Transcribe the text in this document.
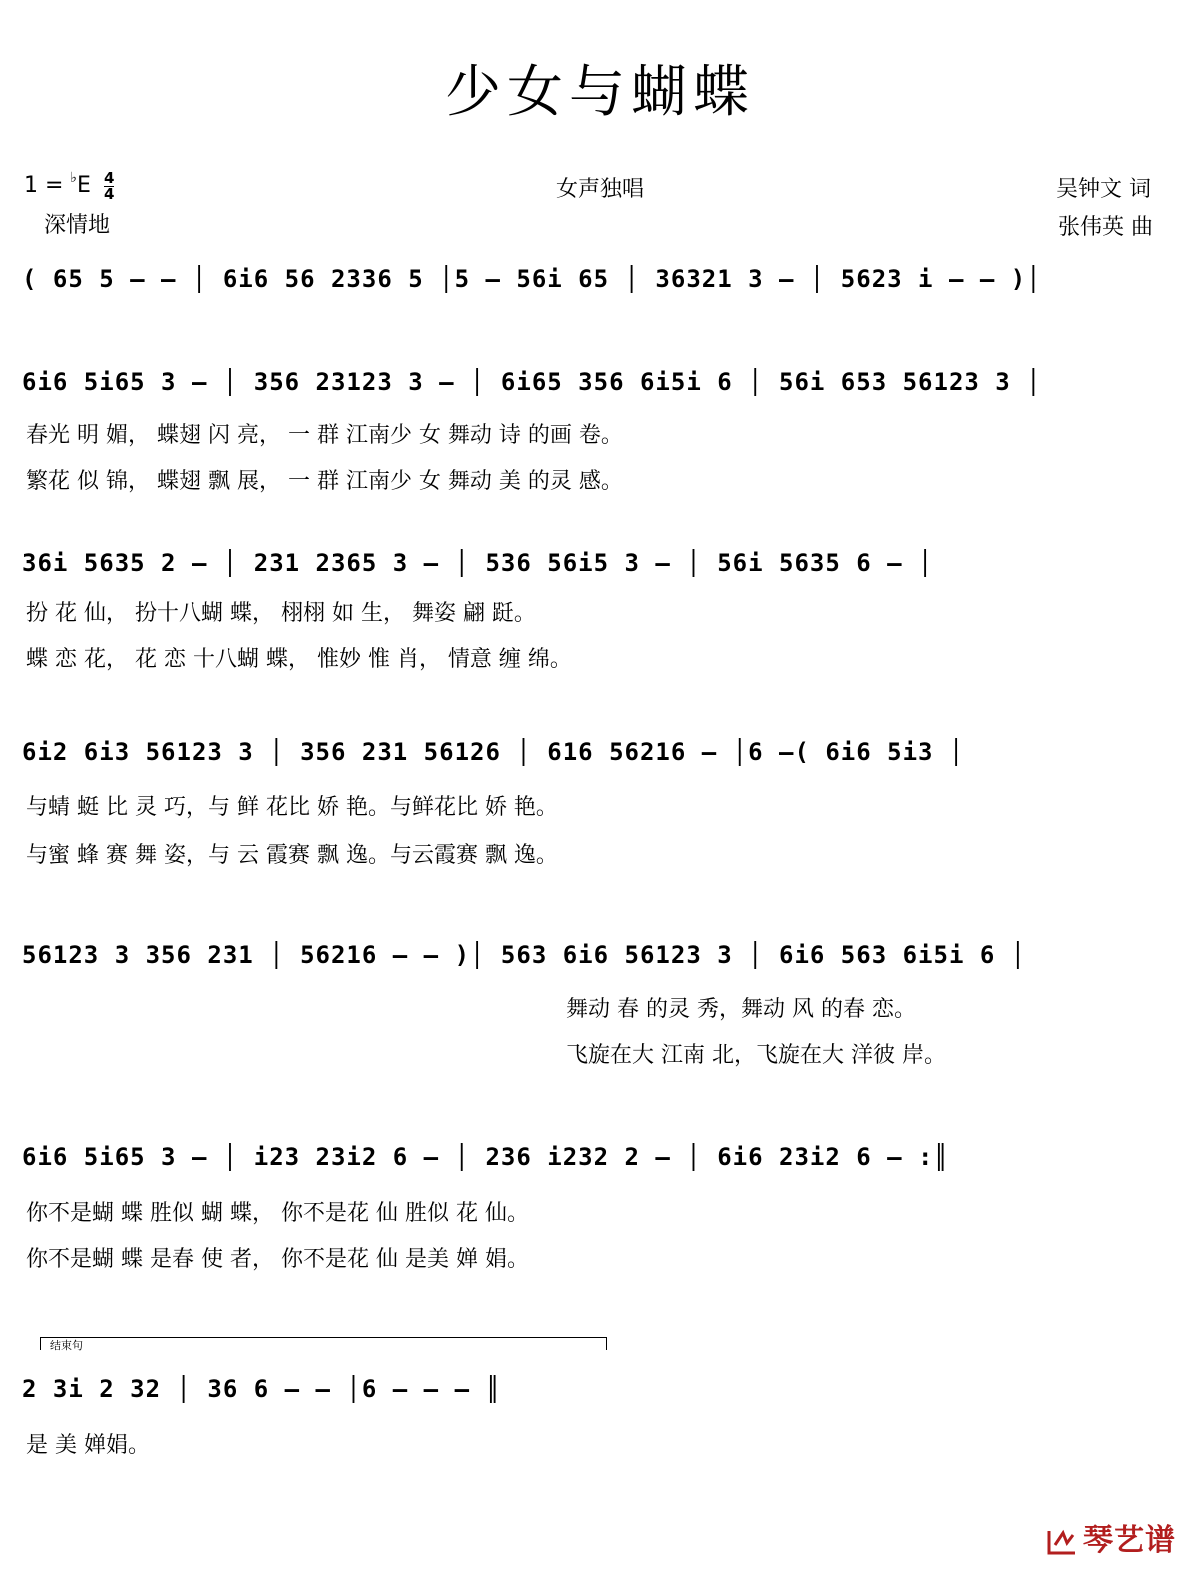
少女与蝴蝶
$1 = ^♭E \frac{4}{4}$
深情地
女声独唱	吴钟文 词
张伟英 曲
( 65 5 — — │ 6i6 56 2336 5 │5 — 56i 65 │ 36321 3 — │ 5623 i — — )│
6i6 5i65 3 — │ 356 23123 3 — │ 6i65 356 6i5i 6 │ 56i 653 56123 3 │
春光 明 媚， 蝶翅 闪 亮， 一 群 江南少 女 舞动 诗 的画 卷。
繁花 似 锦， 蝶翅 飘 展， 一 群 江南少 女 舞动 美 的灵 感。
36i 5635 2 — │ 231 2365 3 — │ 536 56i5 3 — │ 56i 5635 6 — │
扮 花 仙， 扮十八蝴 蝶， 栩栩 如 生， 舞姿 翩 跹。
蝶 恋 花， 花 恋 十八蝴 蝶， 惟妙 惟 肖， 情意 缠 绵。
6i2 6i3 56123 3 │ 356 231 56126 │ 616 56216 — │6 —( 6i6 5i3 │
与蜻 蜓 比 灵 巧，与 鲜 花比 娇 艳。与鲜花比 娇 艳。
与蜜 蜂 赛 舞 姿，与 云 霞赛 飘 逸。与云霞赛 飘 逸。
56123 3 356 231 │ 56216 — — )│ 563 6i6 56123 3 │ 6i6 563 6i5i 6 │
舞动 春 的灵 秀，舞动 风 的春 恋。
飞旋在大 江南 北，飞旋在大 洋彼 岸。
6i6 5i65 3 — │ i23 23i2 6 — │ 236 i232 2 — │ 6i6 23i2 6 — :║
你不是蝴 蝶 胜似 蝴 蝶， 你不是花 仙 胜似 花 仙。
你不是蝴 蝶 是春 使 者， 你不是花 仙 是美 婵 娟。
结束句
2 3i 2 32 │ 36 6 — — │6 — — — ║
是 美 婵娟。
琴艺谱
